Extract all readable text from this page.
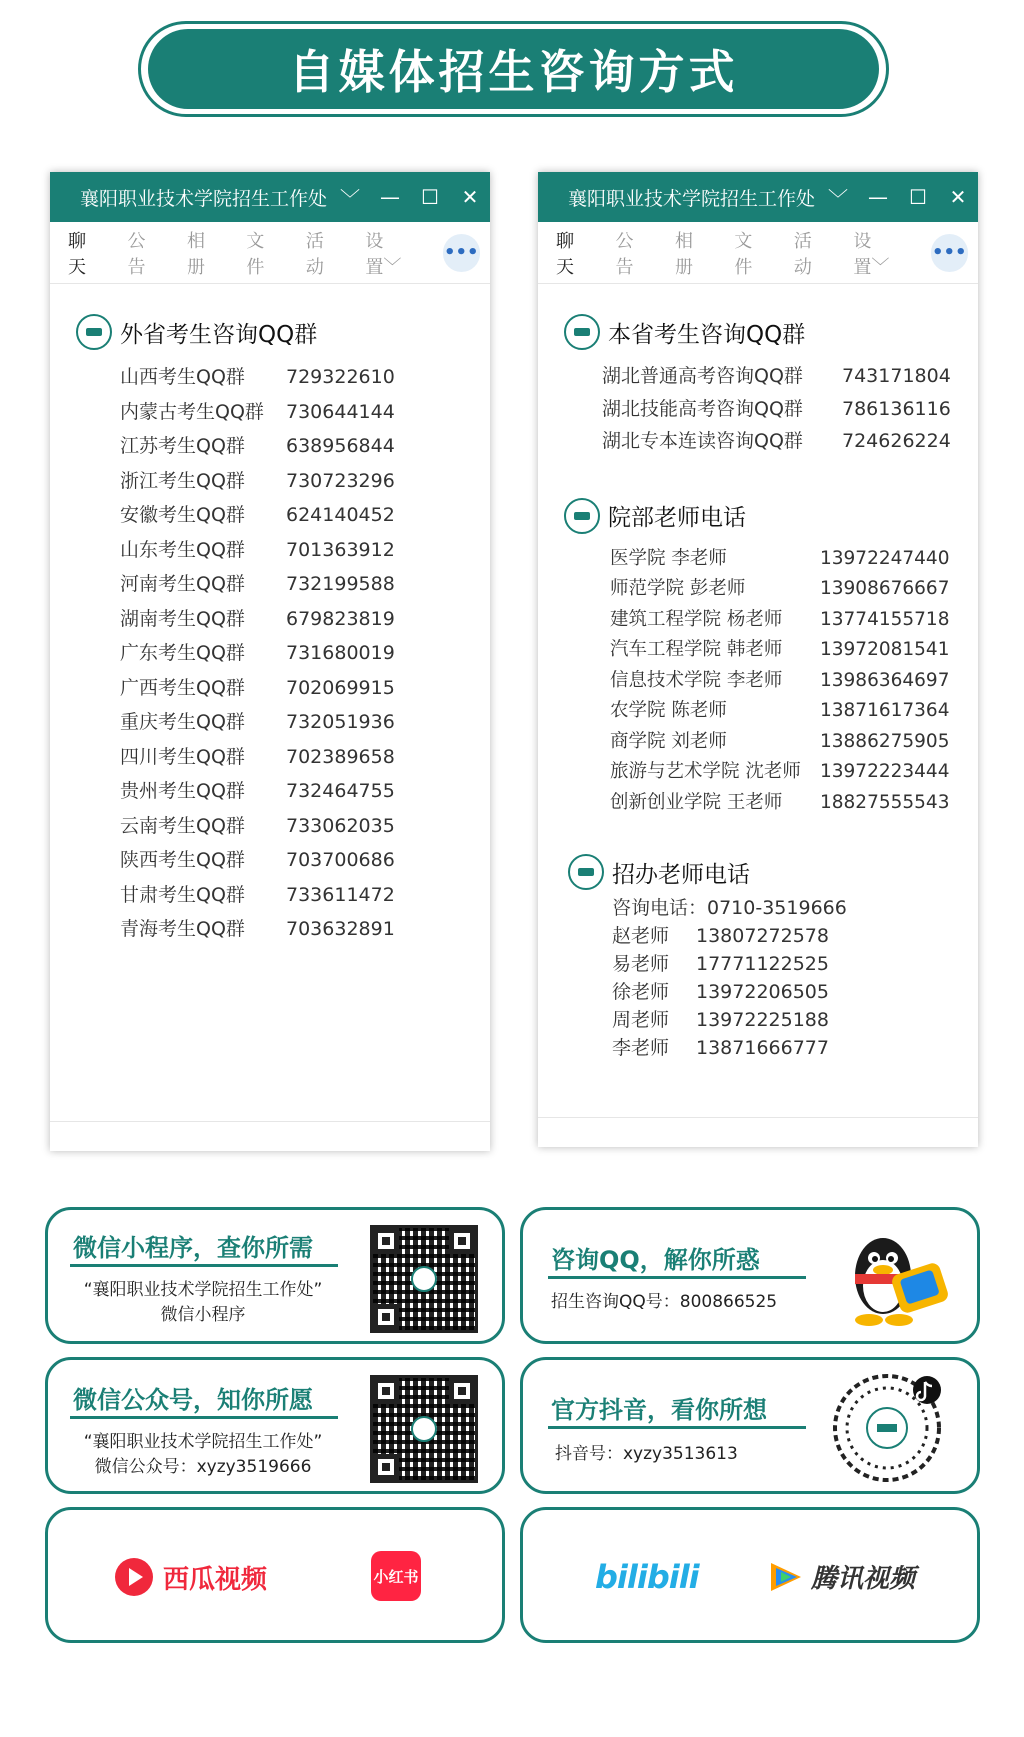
自媒体招生咨询方式
襄阳职业技术学院招生工作处 ﹀	—	☐	✕
聊天
公告
相册
文件
活动
设置﹀
•••
外省考生咨询QQ群
山西考生QQ群	729322610
内蒙古考生QQ群	730644144
江苏考生QQ群	638956844
浙江考生QQ群	730723296
安徽考生QQ群	624140452
山东考生QQ群	701363912
河南考生QQ群	732199588
湖南考生QQ群	679823819
广东考生QQ群	731680019
广西考生QQ群	702069915
重庆考生QQ群	732051936
四川考生QQ群	702389658
贵州考生QQ群	732464755
云南考生QQ群	733062035
陕西考生QQ群	703700686
甘肃考生QQ群	733611472
青海考生QQ群	703632891
襄阳职业技术学院招生工作处 ﹀	—	☐	✕
聊天
公告
相册
文件
活动
设置﹀
•••
本省考生咨询QQ群
湖北普通高考咨询QQ群	743171804
湖北技能高考咨询QQ群	786136116
湖北专本连读咨询QQ群	724626224
院部老师电话
医学院 李老师	13972247440
师范学院 彭老师	13908676667
建筑工程学院 杨老师	13774155718
汽车工程学院 韩老师	13972081541
信息技术学院 李老师	13986364697
农学院 陈老师	13871617364
商学院 刘老师	13886275905
旅游与艺术学院 沈老师	13972223444
创新创业学院 王老师	18827555543
招办老师电话
咨询电话：0710-3519666
赵老师	13807272578
易老师	17771122525
徐老师	13972206505
周老师	13972225188
李老师	13871666777
微信小程序，查你所需
“襄阳职业技术学院招生工作处”
微信小程序
咨询QQ，解你所惑
招生咨询QQ号：800866525
微信公众号，知你所愿
“襄阳职业技术学院招生工作处”
微信公众号：xyzy3519666
官方抖音，看你所想
抖音号：xyzy3513613
西瓜视频	小红书	bilibili	腾讯视频
